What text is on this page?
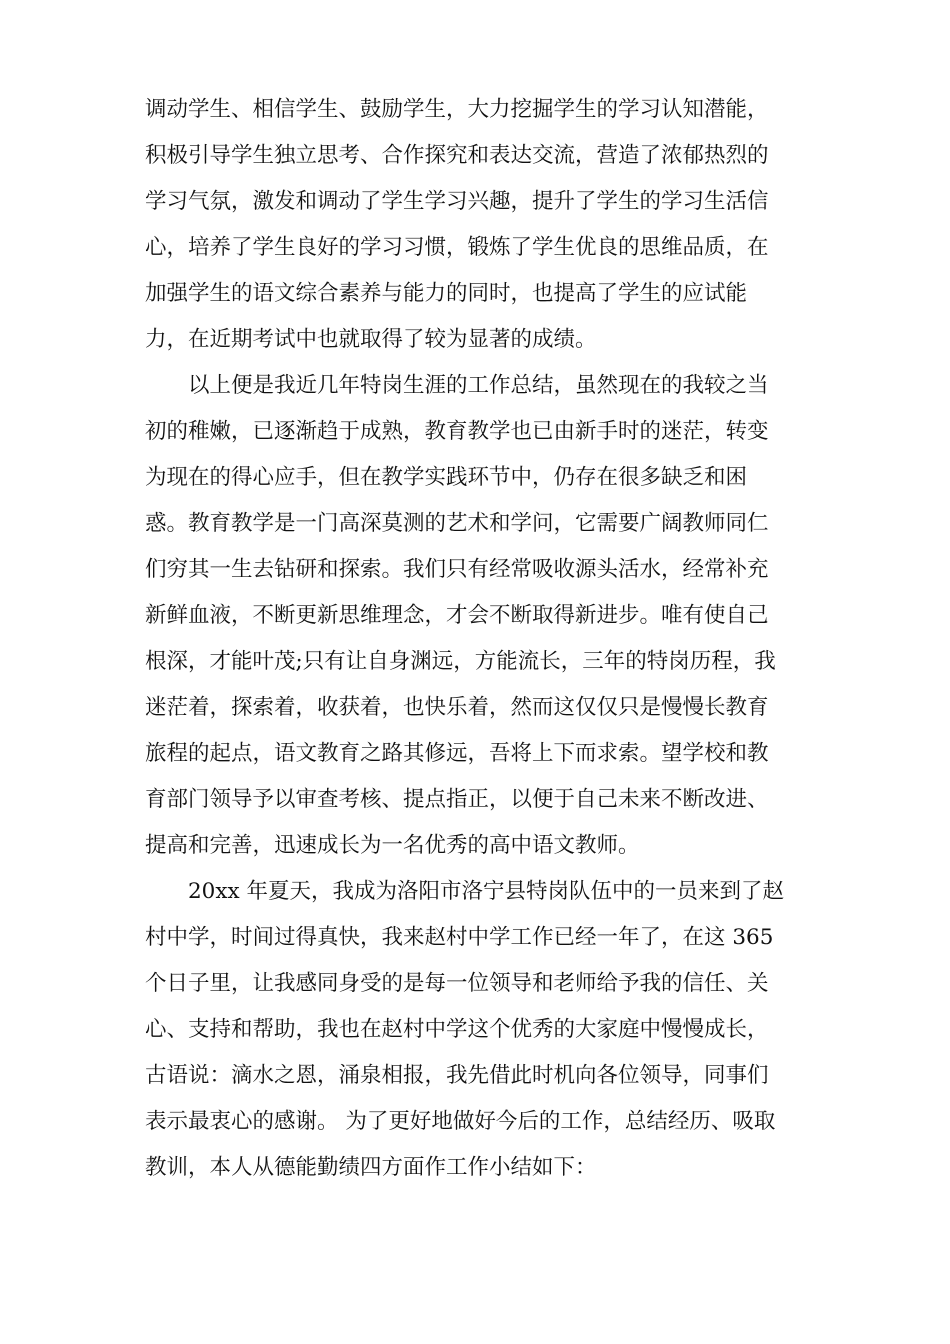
调动学生、相信学生、鼓励学生，大力挖掘学生的学习认知潜能，

积极引导学生独立思考、合作探究和表达交流，营造了浓郁热烈的

学习气氛，激发和调动了学生学习兴趣，提升了学生的学习生活信

心，培养了学生良好的学习习惯，锻炼了学生优良的思维品质，在

加强学生的语文综合素养与能力的同时，也提高了学生的应试能

力，在近期考试中也就取得了较为显著的成绩。

以上便是我近几年特岗生涯的工作总结，虽然现在的我较之当

初的稚嫩，已逐渐趋于成熟，教育教学也已由新手时的迷茫，转变

为现在的得心应手，但在教学实践环节中，仍存在很多缺乏和困

惑。教育教学是一门高深莫测的艺术和学问，它需要广阔教师同仁

们穷其一生去钻研和探索。我们只有经常吸收源头活水，经常补充

新鲜血液，不断更新思维理念，才会不断取得新进步。唯有使自己

根深，才能叶茂;只有让自身渊远，方能流长，三年的特岗历程，我

迷茫着，探索着，收获着，也快乐着，然而这仅仅只是慢慢长教育

旅程的起点，语文教育之路其修远，吾将上下而求索。望学校和教

育部门领导予以审查考核、提点指正，以便于自己未来不断改进、

提高和完善，迅速成长为一名优秀的高中语文教师。

20xx 年夏天，我成为洛阳市洛宁县特岗队伍中的一员来到了赵

村中学，时间过得真快，我来赵村中学工作已经一年了，在这 365

个日子里，让我感同身受的是每一位领导和老师给予我的信任、关

心、支持和帮助，我也在赵村中学这个优秀的大家庭中慢慢成长，

古语说：滴水之恩，涌泉相报，我先借此时机向各位领导，同事们

表示最衷心的感谢。 为了更好地做好今后的工作，总结经历、吸取

教训，本人从德能勤绩四方面作工作小结如下：
